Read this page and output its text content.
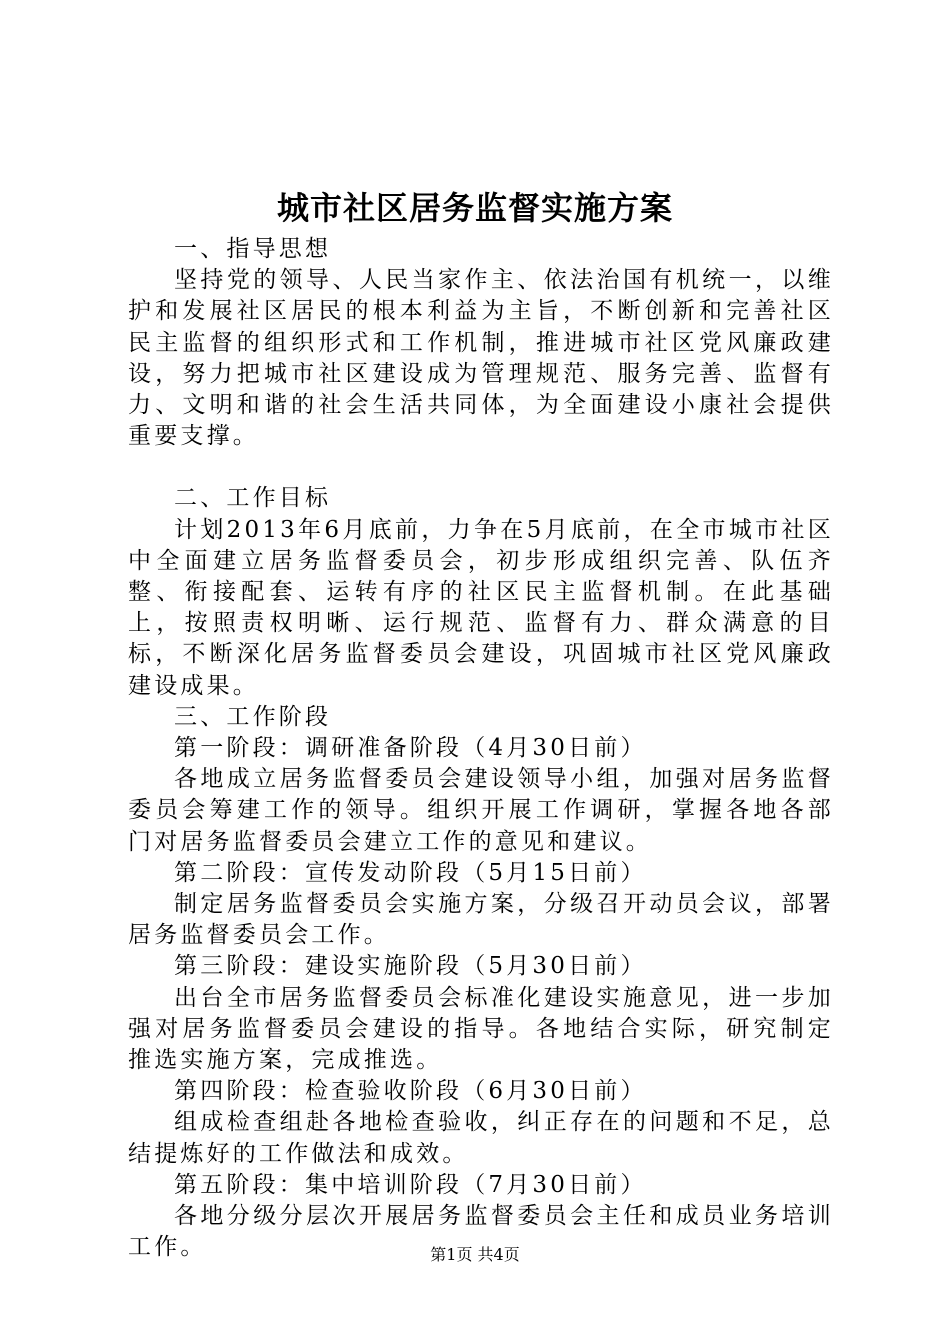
城市社区居务监督实施方案

一、指导思想

坚持党的领导、人民当家作主、依法治国有机统一，以维护和发展社区居民的根本利益为主旨，不断创新和完善社区民主监督的组织形式和工作机制，推进城市社区党风廉政建设，努力把城市社区建设成为管理规范、服务完善、监督有力、文明和谐的社会生活共同体，为全面建设小康社会提供重要支撑。

二、工作目标

计划2013年6月底前，力争在5月底前，在全市城市社区中全面建立居务监督委员会，初步形成组织完善、队伍齐整、衔接配套、运转有序的社区民主监督机制。在此基础上，按照责权明晰、运行规范、监督有力、群众满意的目标，不断深化居务监督委员会建设，巩固城市社区党风廉政建设成果。

三、工作阶段

第一阶段：调研准备阶段（4月30日前）

各地成立居务监督委员会建设领导小组，加强对居务监督委员会筹建工作的领导。组织开展工作调研，掌握各地各部门对居务监督委员会建立工作的意见和建议。

第二阶段：宣传发动阶段（5月15日前）

制定居务监督委员会实施方案，分级召开动员会议，部署居务监督委员会工作。

第三阶段：建设实施阶段（5月30日前）

出台全市居务监督委员会标准化建设实施意见，进一步加强对居务监督委员会建设的指导。各地结合实际，研究制定推选实施方案，完成推选。

第四阶段：检查验收阶段（6月30日前）

组成检查组赴各地检查验收，纠正存在的问题和不足，总结提炼好的工作做法和成效。

第五阶段：集中培训阶段（7月30日前）

各地分级分层次开展居务监督委员会主任和成员业务培训工作。	第1页 共4页
